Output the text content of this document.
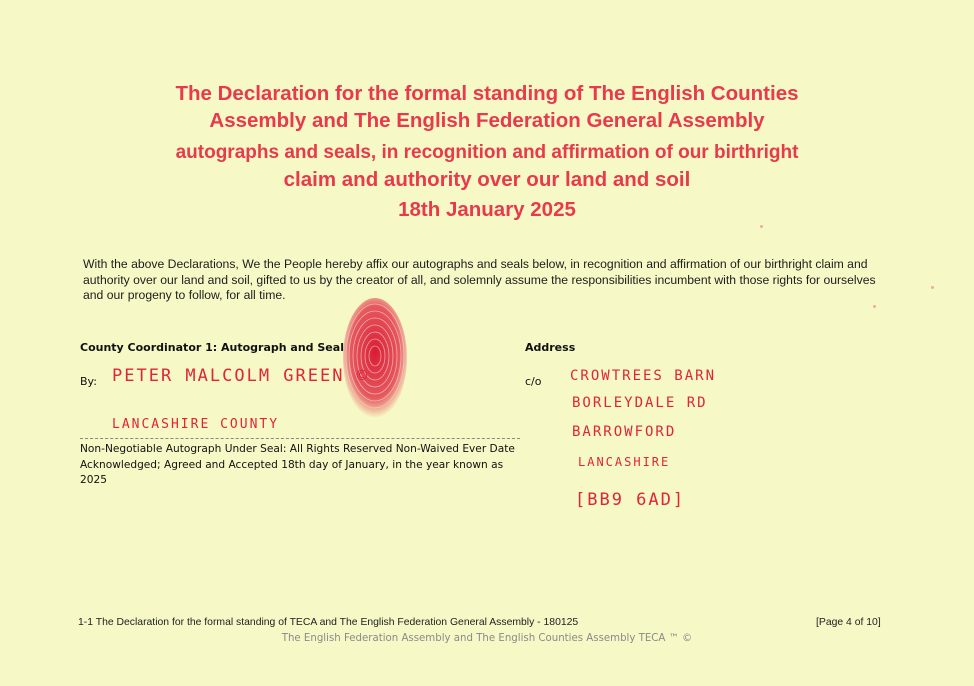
The Declaration for the formal standing of The English Counties
Assembly and The English Federation General Assembly
autographs and seals, in recognition and affirmation of our birthright
claim and authority over our land and soil
18th January 2025
With the above Declarations, We the People hereby affix our autographs and seals below, in recognition and affirmation of our birthright claim and authority over our land and soil, gifted to us by the creator of all, and solemnly assume the responsibilities incumbent with those rights for ourselves and our progeny to follow, for all time.
County Coordinator 1: Autograph and Seal
By: PETER MALCOLM GREEN ©
LANCASHIRE COUNTY
Non-Negotiable Autograph Under Seal: All Rights Reserved Non-Waived Ever Date Acknowledged; Agreed and Accepted 18th day of January, in the year known as 2025
Address
c/o CROWTREES BARN
BORLEYDALE RD
BARROWFORD
LANCASHIRE
[BB9 6AD]
1-1 The Declaration for the formal standing of TECA and The English Federation General Assembly - 180125	[Page 4 of 10]
The English Federation Assembly and The English Counties Assembly TECA ™ ©
